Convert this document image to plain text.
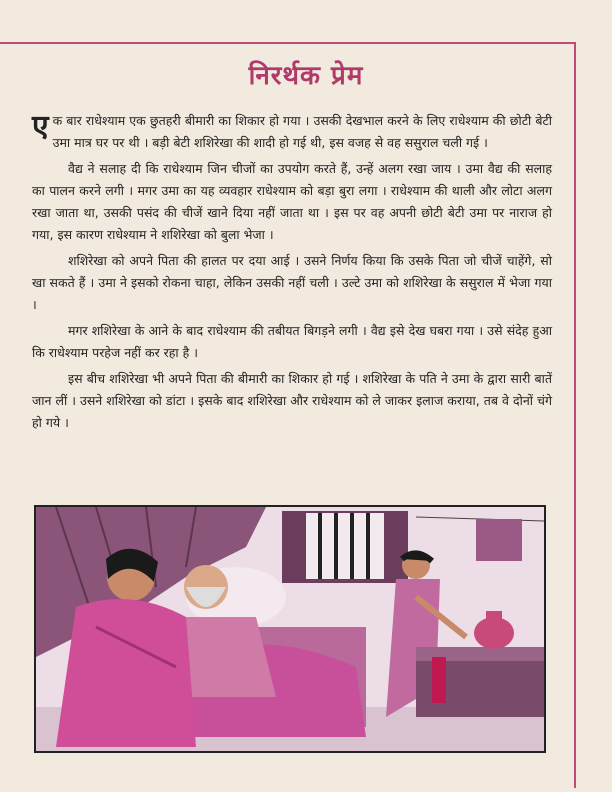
निरर्थक प्रेम

एक बार राधेश्याम एक छुतहरी बीमारी का शिकार हो गया । उसकी देखभाल करने के लिए राधेश्याम की छोटी बेटी उमा मात्र घर पर थी । बड़ी बेटी शशिरेखा की शादी हो गई थी, इस वजह से वह ससुराल चली गई ।

वैद्य ने सलाह दी कि राधेश्याम जिन चीजों का उपयोग करते हैं, उन्हें अलग रखा जाय । उमा वैद्य की सलाह का पालन करने लगी । मगर उमा का यह व्यवहार राधेश्याम को बड़ा बुरा लगा । राधेश्याम की थाली और लोटा अलग रखा जाता था, उसकी पसंद की चीजें खाने दिया नहीं जाता था । इस पर वह अपनी छोटी बेटी उमा पर नाराज हो गया, इस कारण राधेश्याम ने शशिरेखा को बुला भेजा ।

शशिरेखा को अपने पिता की हालत पर दया आई । उसने निर्णय किया कि उसके पिता जो चीजें चाहेंगे, सो खा सकते हैं । उमा ने इसको रोकना चाहा, लेकिन उसकी नहीं चली । उल्टे उमा को शशिरेखा के ससुराल में भेजा गया ।

मगर शशिरेखा के आने के बाद राधेश्याम की तबीयत बिगड़ने लगी । वैद्य इसे देख घबरा गया । उसे संदेह हुआ कि राधेश्याम परहेज नहीं कर रहा है ।

इस बीच शशिरेखा भी अपने पिता की बीमारी का शिकार हो गई । शशिरेखा के पति ने उमा के द्वारा सारी बातें जान लीं । उसने शशिरेखा को डांटा । इसके बाद शशिरेखा और राधेश्याम को ले जाकर इलाज कराया, तब वे दोनों चंगे हो गये ।
